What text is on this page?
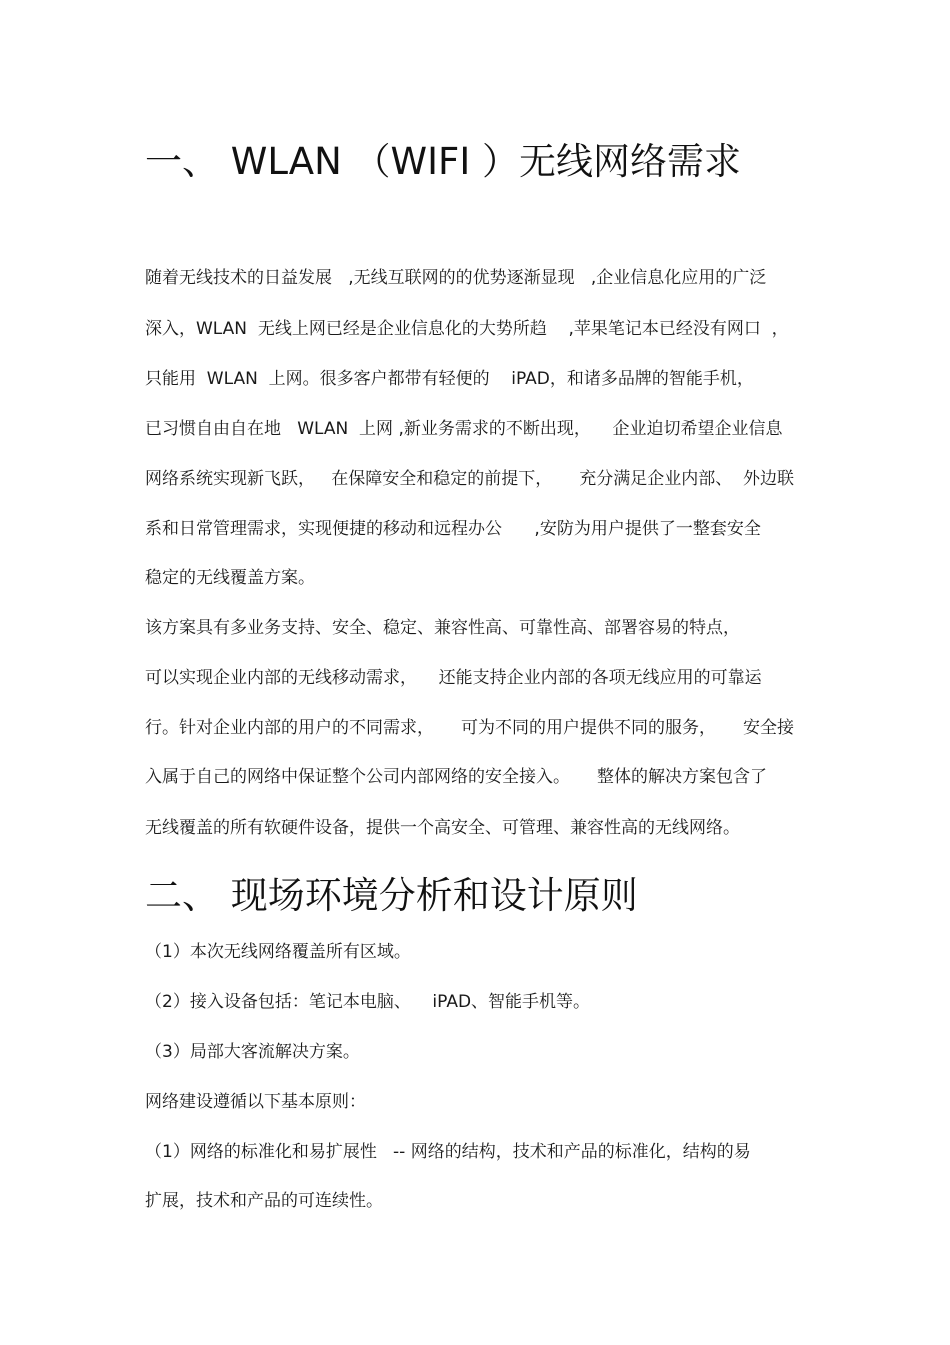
一、 WLAN （WIFI ）无线网络需求

随着无线技术的日益发展   ,无线互联网的的优势逐渐显现   ,企业信息化应用的广泛

深入，WLAN  无线上网已经是企业信息化的大势所趋    ,苹果笔记本已经没有网口  ，

只能用  WLAN  上网。很多客户都带有轻便的    iPAD，和诸多品牌的智能手机，

已习惯自由自在地   WLAN  上网 ,新业务需求的不断出现，    企业迫切希望企业信息

网络系统实现新飞跃，   在保障安全和稳定的前提下，     充分满足企业内部、  外边联

系和日常管理需求，实现便捷的移动和远程办公      ,安防为用户提供了一整套安全

稳定的无线覆盖方案。

该方案具有多业务支持、安全、稳定、兼容性高、可靠性高、部署容易的特点，

可以实现企业内部的无线移动需求，    还能支持企业内部的各项无线应用的可靠运

行。针对企业内部的用户的不同需求，     可为不同的用户提供不同的服务，     安全接

入属于自己的网络中保证整个公司内部网络的安全接入。     整体的解决方案包含了

无线覆盖的所有软硬件设备，提供一个高安全、可管理、兼容性高的无线网络。

二、 现场环境分析和设计原则

（1）本次无线网络覆盖所有区域。

（2）接入设备包括：笔记本电脑、    iPAD、智能手机等。

（3）局部大客流解决方案。

网络建设遵循以下基本原则：

（1）网络的标准化和易扩展性   -- 网络的结构，技术和产品的标准化，结构的易

扩展，技术和产品的可连续性。
